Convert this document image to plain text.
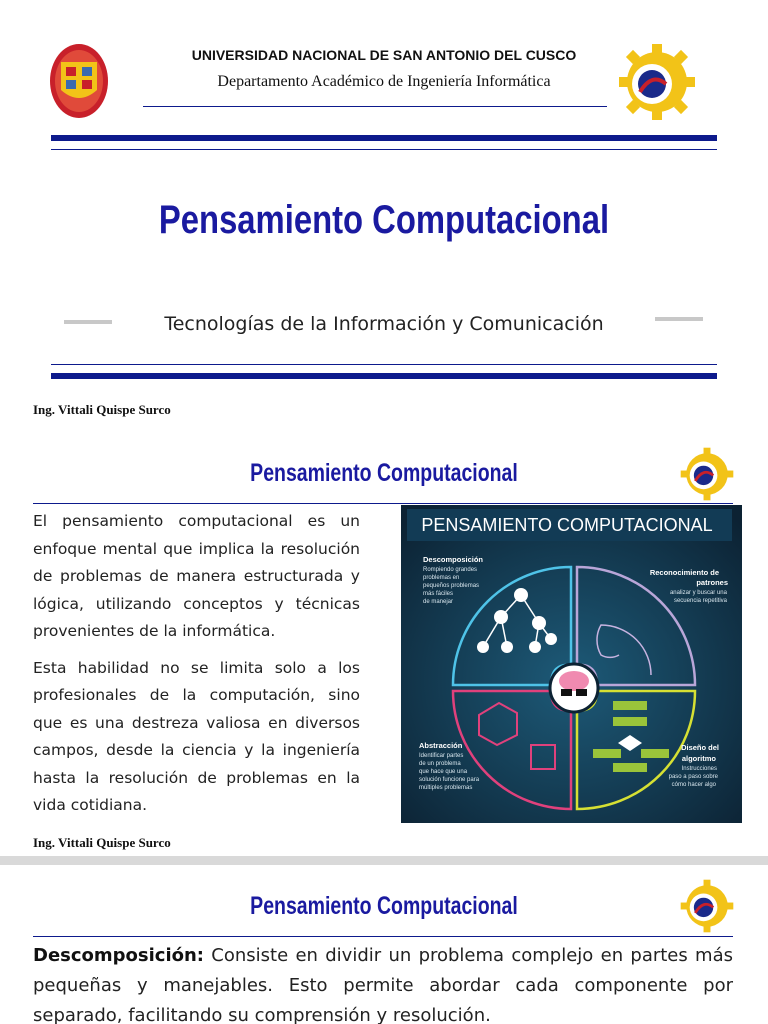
UNIVERSIDAD NACIONAL DE SAN ANTONIO DEL CUSCO
Departamento Académico de Ingeniería Informática
Pensamiento Computacional
Tecnologías de la Información y Comunicación
Ing. Vittali Quispe Surco
Pensamiento Computacional

El pensamiento computacional es un enfoque mental que implica la resolución de problemas de manera estructurada y lógica, utilizando conceptos y técnicas provenientes de la informática.

Esta habilidad no se limita solo a los profesionales de la computación, sino que es una destreza valiosa en diversos campos, desde la ciencia y la ingeniería hasta la resolución de problemas en la vida cotidiana.

PENSAMIENTO COMPUTACIONAL
Descomposición
Reconocimiento de
patrones
Abstracción	Diseño del
algoritmo
Rompiendo grandes
problemas en
pequeños problemas
más fáciles
de manejar
analizar y buscar una
secuencia repetitiva
Identificar partes
de un problema
que hace que una
solución funcione para
múltiples problemas
Instrucciones
paso a paso sobre
cómo hacer algo
Ing. Vittali Quispe Surco
Pensamiento Computacional
Descomposición: Consiste en dividir un problema complejo en partes más pequeñas y manejables. Esto permite abordar cada componente por separado, facilitando su comprensión y resolución.
